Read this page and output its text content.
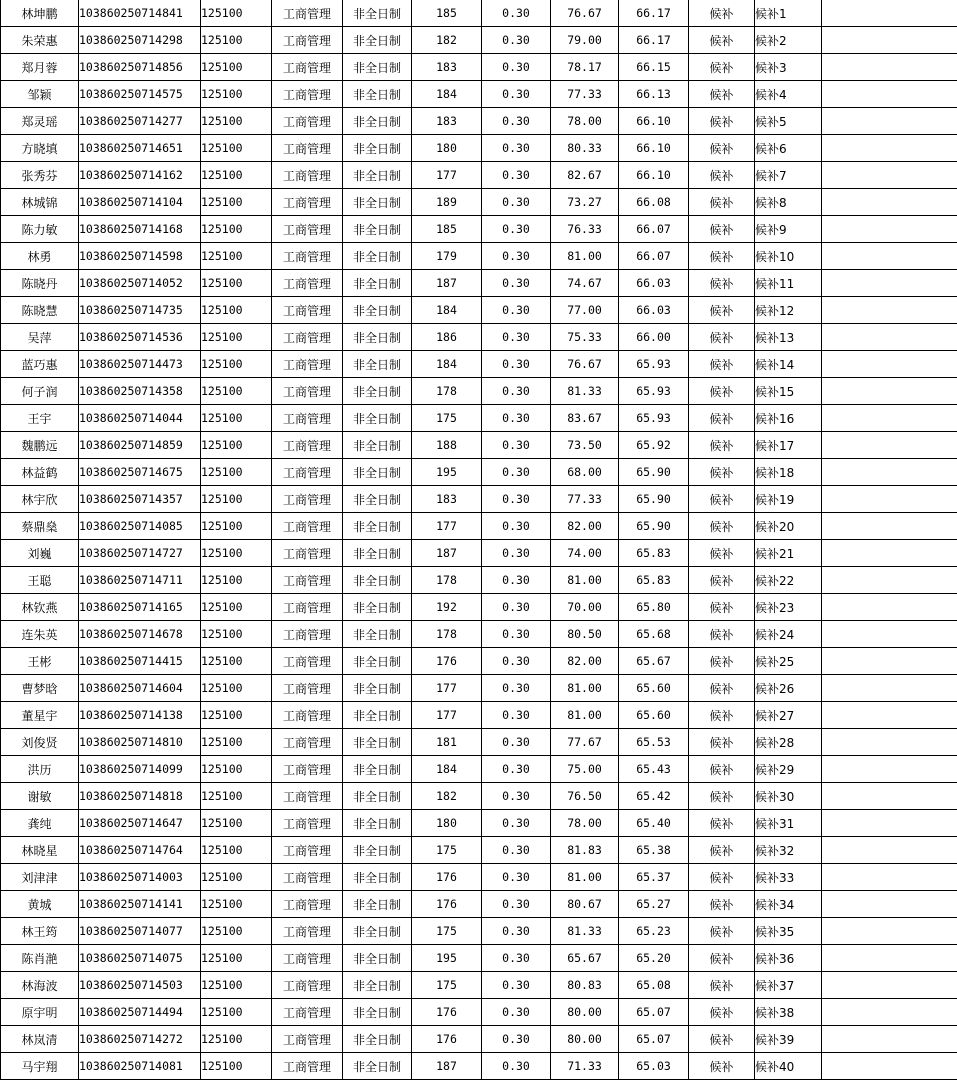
林坤鹏	103860250714841	125100	工商管理	非全日制	185	0.30	76.67	66.17	候补	候补1	
朱荣惠	103860250714298	125100	工商管理	非全日制	182	0.30	79.00	66.17	候补	候补2	
郑月蓉	103860250714856	125100	工商管理	非全日制	183	0.30	78.17	66.15	候补	候补3	
邹颖	103860250714575	125100	工商管理	非全日制	184	0.30	77.33	66.13	候补	候补4	
郑灵瑶	103860250714277	125100	工商管理	非全日制	183	0.30	78.00	66.10	候补	候补5	
方晓填	103860250714651	125100	工商管理	非全日制	180	0.30	80.33	66.10	候补	候补6	
张秀芬	103860250714162	125100	工商管理	非全日制	177	0.30	82.67	66.10	候补	候补7	
林城锦	103860250714104	125100	工商管理	非全日制	189	0.30	73.27	66.08	候补	候补8	
陈力敏	103860250714168	125100	工商管理	非全日制	185	0.30	76.33	66.07	候补	候补9	
林勇	103860250714598	125100	工商管理	非全日制	179	0.30	81.00	66.07	候补	候补10	
陈晓丹	103860250714052	125100	工商管理	非全日制	187	0.30	74.67	66.03	候补	候补11	
陈晓慧	103860250714735	125100	工商管理	非全日制	184	0.30	77.00	66.03	候补	候补12	
吴萍	103860250714536	125100	工商管理	非全日制	186	0.30	75.33	66.00	候补	候补13	
蓝巧惠	103860250714473	125100	工商管理	非全日制	184	0.30	76.67	65.93	候补	候补14	
何子润	103860250714358	125100	工商管理	非全日制	178	0.30	81.33	65.93	候补	候补15	
王宇	103860250714044	125100	工商管理	非全日制	175	0.30	83.67	65.93	候补	候补16	
魏鹏远	103860250714859	125100	工商管理	非全日制	188	0.30	73.50	65.92	候补	候补17	
林益鹤	103860250714675	125100	工商管理	非全日制	195	0.30	68.00	65.90	候补	候补18	
林宇欣	103860250714357	125100	工商管理	非全日制	183	0.30	77.33	65.90	候补	候补19	
蔡鼎燊	103860250714085	125100	工商管理	非全日制	177	0.30	82.00	65.90	候补	候补20	
刘巍	103860250714727	125100	工商管理	非全日制	187	0.30	74.00	65.83	候补	候补21	
王聪	103860250714711	125100	工商管理	非全日制	178	0.30	81.00	65.83	候补	候补22	
林钦燕	103860250714165	125100	工商管理	非全日制	192	0.30	70.00	65.80	候补	候补23	
连朱英	103860250714678	125100	工商管理	非全日制	178	0.30	80.50	65.68	候补	候补24	
王彬	103860250714415	125100	工商管理	非全日制	176	0.30	82.00	65.67	候补	候补25	
曹梦晗	103860250714604	125100	工商管理	非全日制	177	0.30	81.00	65.60	候补	候补26	
董星宇	103860250714138	125100	工商管理	非全日制	177	0.30	81.00	65.60	候补	候补27	
刘俊贤	103860250714810	125100	工商管理	非全日制	181	0.30	77.67	65.53	候补	候补28	
洪历	103860250714099	125100	工商管理	非全日制	184	0.30	75.00	65.43	候补	候补29	
谢敏	103860250714818	125100	工商管理	非全日制	182	0.30	76.50	65.42	候补	候补30	
龚纯	103860250714647	125100	工商管理	非全日制	180	0.30	78.00	65.40	候补	候补31	
林晓星	103860250714764	125100	工商管理	非全日制	175	0.30	81.83	65.38	候补	候补32	
刘津津	103860250714003	125100	工商管理	非全日制	176	0.30	81.00	65.37	候补	候补33	
黄城	103860250714141	125100	工商管理	非全日制	176	0.30	80.67	65.27	候补	候补34	
林王筠	103860250714077	125100	工商管理	非全日制	175	0.30	81.33	65.23	候补	候补35	
陈肖滟	103860250714075	125100	工商管理	非全日制	195	0.30	65.67	65.20	候补	候补36	
林海波	103860250714503	125100	工商管理	非全日制	175	0.30	80.83	65.08	候补	候补37	
原宇明	103860250714494	125100	工商管理	非全日制	176	0.30	80.00	65.07	候补	候补38	
林岚清	103860250714272	125100	工商管理	非全日制	176	0.30	80.00	65.07	候补	候补39	
马宇翔	103860250714081	125100	工商管理	非全日制	187	0.30	71.33	65.03	候补	候补40	
